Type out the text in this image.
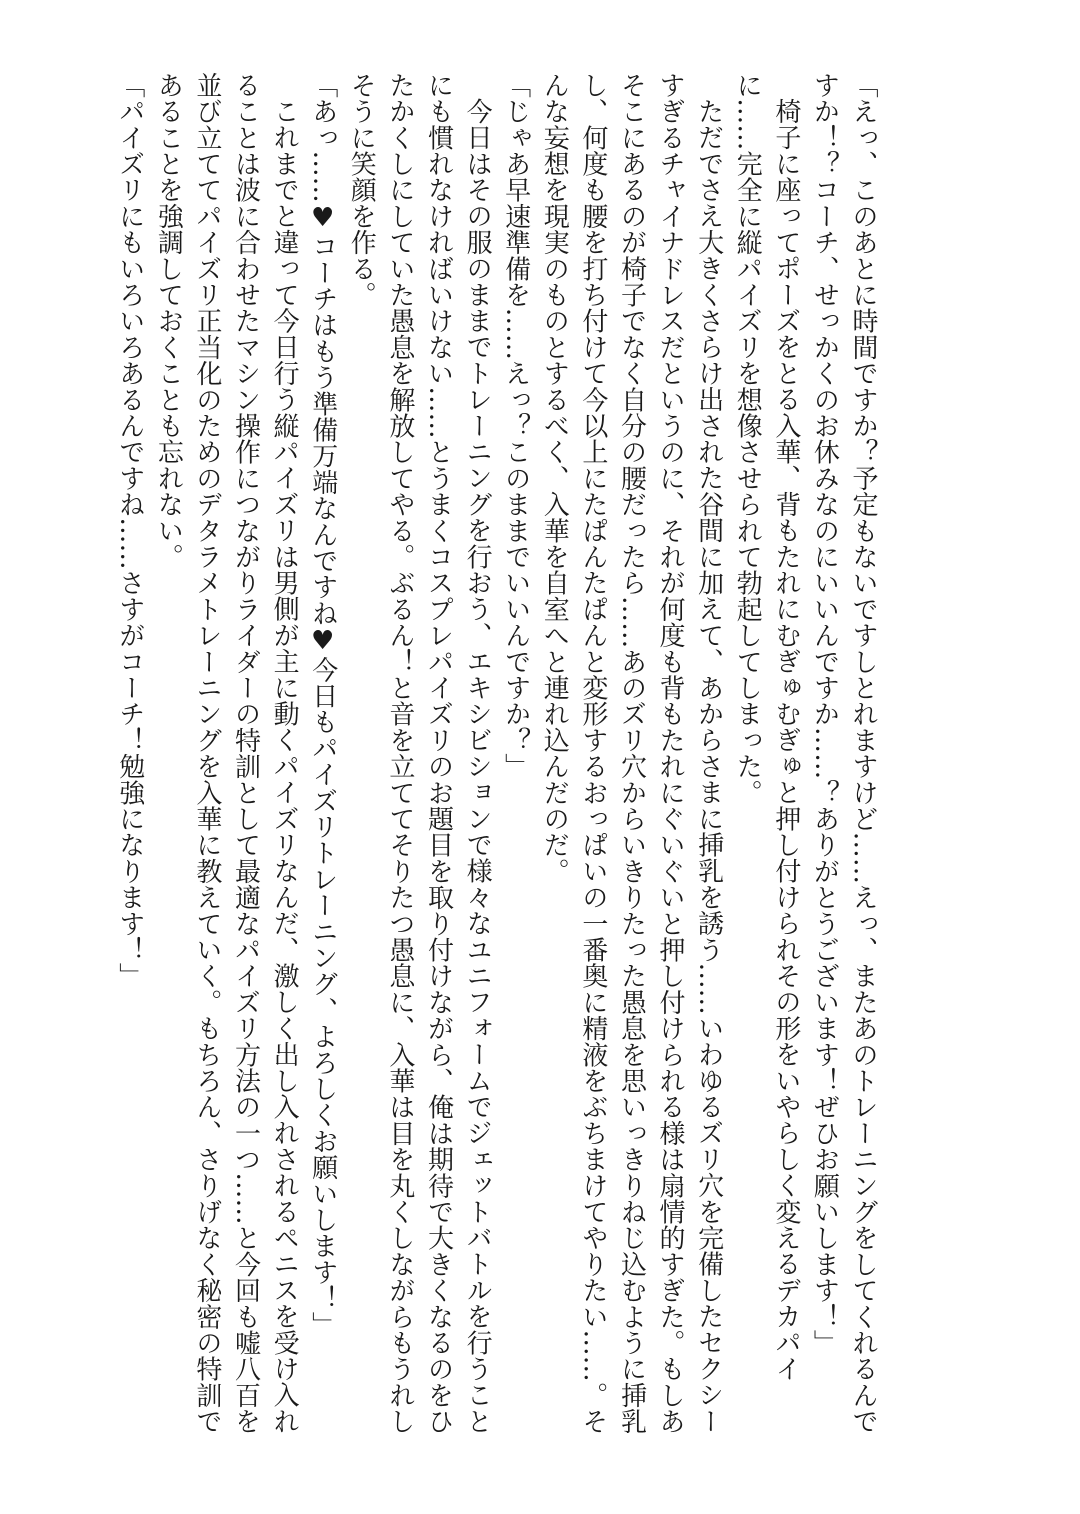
「えっ、このあとに時間ですか？予定もないですしとれますけど……えっ、またあのトレーニングをしてくれるんですか！？コーチ、せっかくのお休みなのにいいんですか……？ありがとうございます！ぜひお願いします！」

椅子に座ってポーズをとる入華、背もたれにむぎゅむぎゅと押し付けられその形をいやらしく変えるデカパイに……完全に縦パイズリを想像させられて勃起してしまった。

ただでさえ大きくさらけ出された谷間に加えて、あからさまに挿乳を誘う……いわゆるズリ穴を完備したセクシーすぎるチャイナドレスだというのに、それが何度も背もたれにぐいぐいと押し付けられる様は扇情的すぎた。もしあそこにあるのが椅子でなく自分の腰だったら……あのズリ穴からいきりたった愚息を思いっきりねじ込むように挿乳し、何度も腰を打ち付けて今以上にたぱんたぱんと変形するおっぱいの一番奥に精液をぶちまけてやりたい……。そんな妄想を現実のものとするべく、入華を自室へと連れ込んだのだ。

「じゃあ早速準備を……えっ？このままでいいんですか？」

今日はその服のままでトレーニングを行おう、エキシビションで様々なユニフォームでジェットバトルを行うことにも慣れなければいけない……とうまくコスプレパイズリのお題目を取り付けながら、俺は期待で大きくなるのをひたかくしにしていた愚息を解放してやる。ぶるん！と音を立ててそりたつ愚息に、入華は目を丸くしながらもうれしそうに笑顔を作る。

「あっ……♥コーチはもう準備万端なんですね♥今日もパイズリトレーニング、よろしくお願いします！」

これまでと違って今日行う縦パイズリは男側が主に動くパイズリなんだ、激しく出し入れされるペニスを受け入れることは波に合わせたマシン操作につながりライダーの特訓として最適なパイズリ方法の一つ……と今回も嘘八百を並び立ててパイズリ正当化のためのデタラメトレーニングを入華に教えていく。もちろん、さりげなく秘密の特訓であることを強調しておくことも忘れない。

「パイズリにもいろいろあるんですね……さすがコーチ！勉強になります！」
